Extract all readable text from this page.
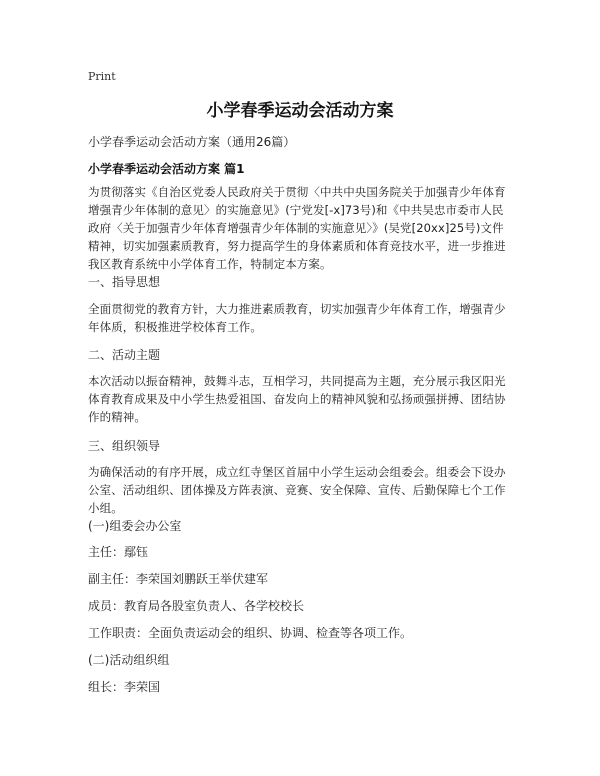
Print
小学春季运动会活动方案

小学春季运动会活动方案（通用26篇）

小学春季运动会活动方案 篇1

为贯彻落实《自治区党委人民政府关于贯彻〈中共中央国务院关于加强青少年体育增强青少年体制的意见〉的实施意见》(宁党发[-x]73号)和《中共吴忠市委市人民政府〈关于加强青少年体育增强青少年体制的实施意见〉》(吴党[20xx]25号)文件精神，切实加强素质教育，努力提高学生的身体素质和体育竞技水平，进一步推进我区教育系统中小学体育工作，特制定本方案。

一、指导思想

全面贯彻党的教育方针，大力推进素质教育，切实加强青少年体育工作，增强青少年体质，积极推进学校体育工作。

二、活动主题

本次活动以振奋精神，鼓舞斗志，互相学习，共同提高为主题，充分展示我区阳光体育教育成果及中小学生热爱祖国、奋发向上的精神风貌和弘扬顽强拼搏、团结协作的精神。

三、组织领导

为确保活动的有序开展，成立红寺堡区首届中小学生运动会组委会。组委会下设办公室、活动组织、团体操及方阵表演、竞赛、安全保障、宣传、后勤保障七个工作小组。

(一)组委会办公室

主任：鄢钰

副主任：李荣国刘鹏跃王举伏建军

成员：教育局各股室负责人、各学校校长

工作职责：全面负责运动会的组织、协调、检查等各项工作。

(二)活动组织组

组长：李荣国
